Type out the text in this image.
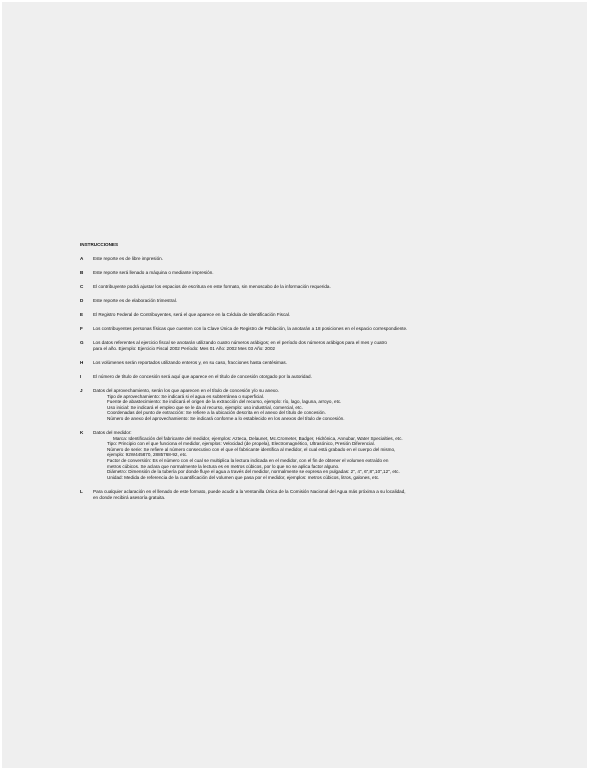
INSTRUCCIONES
A Este reporte es de libre impresión.
B Este reporte será llenado a máquina o mediante impresión.
C El contribuyente podrá ajustar los espacios de escritura en este formato, sin menoscabo de la información requerida.
D Este reporte es de elaboración trimestral.
E El Registro Federal de Contribuyentes, será el que aparece en la Cédula de Identificación Fiscal.
F Los contribuyentes personas físicas que cuenten con la Clave Única de Registro de Población, la anotarán a 18 posiciones en el espacio correspondiente.
G Los datos referentes al ejercicio fiscal se anotarán utilizando cuatro números arábigos; en el período dos números arábigos para el mes y cuatro
para el año. Ejemplo: Ejercicio Fiscal 2002 Período: Mes 01 Año: 2002 Mes 03 Año: 2002
H Los volúmenes serán reportados utilizando enteros y, en su caso, fracciones hasta centésimas.
I	El número de título de concesión será aquí que aparece en el título de concesión otorgado por la autoridad.
J Datos del aprovechamiento, serán los que aparecen en el título de concesión y/o su anexo.
Tipo de aprovechamiento: Se indicará si el agua es subterránea o superficial.
Fuente de abastecimiento: Se indicará el origen de la extracción del recurso, ejemplo: río, lago, laguna, arroyo, etc.
Uso inicial: Se indicará el empleo que se le da al recurso, ejemplo: uso industrial, comercial, etc.
Coordenadas del punto de extracción: Se refiere a la ubicación descrita en el anexo del título de concesión.
Número de anexo del aprovechamiento: Se indicará conforme a lo establecido en los anexos del título de concesión.
K Datos del medidor:
Marca: Identificación del fabricante del medidor, ejemplos: Azteca, Delaunet, Mc.Crometer, Badger, Hidrónica, Annubar, Water Specialties, etc.
Tipo: Principio con el que funciona el medidor, ejemplos: Velocidad (de propela), Electromagnético, Ultrasónico, Presión Diferencial.
Número de serie: Se refiere al número consecutivo con el que el fabricante identifica al medidor, el cual está grabado en el cuerpo del mismo,
ejemplo: 92W445870, 2885768-92, etc.
Factor de conversión: Es el número con el cual se multiplica la lectura indicada en el medidor, con el fin de obtener el volumen extraído en
metros cúbicos. Se aclara que normalmente la lectura es en metros cúbicos, por lo que no se aplica factor alguno.
Diámetro: Dimensión de la tubería por donde fluye el agua a través del medidor, normalmente se expresa en pulgadas: 2", 4", 6",8",10",12", etc.
Unidad: Medida de referencia de la cuantificación del volumen que pasa por el medidor, ejemplos: metros cúbicos, litros, galones, etc.
L Para cualquier aclaración en el llenado de este formato, puede acudir a la Ventanilla Única de la Comisión Nacional del Agua más próxima a su localidad,
en donde recibirá asesoría gratuita.
